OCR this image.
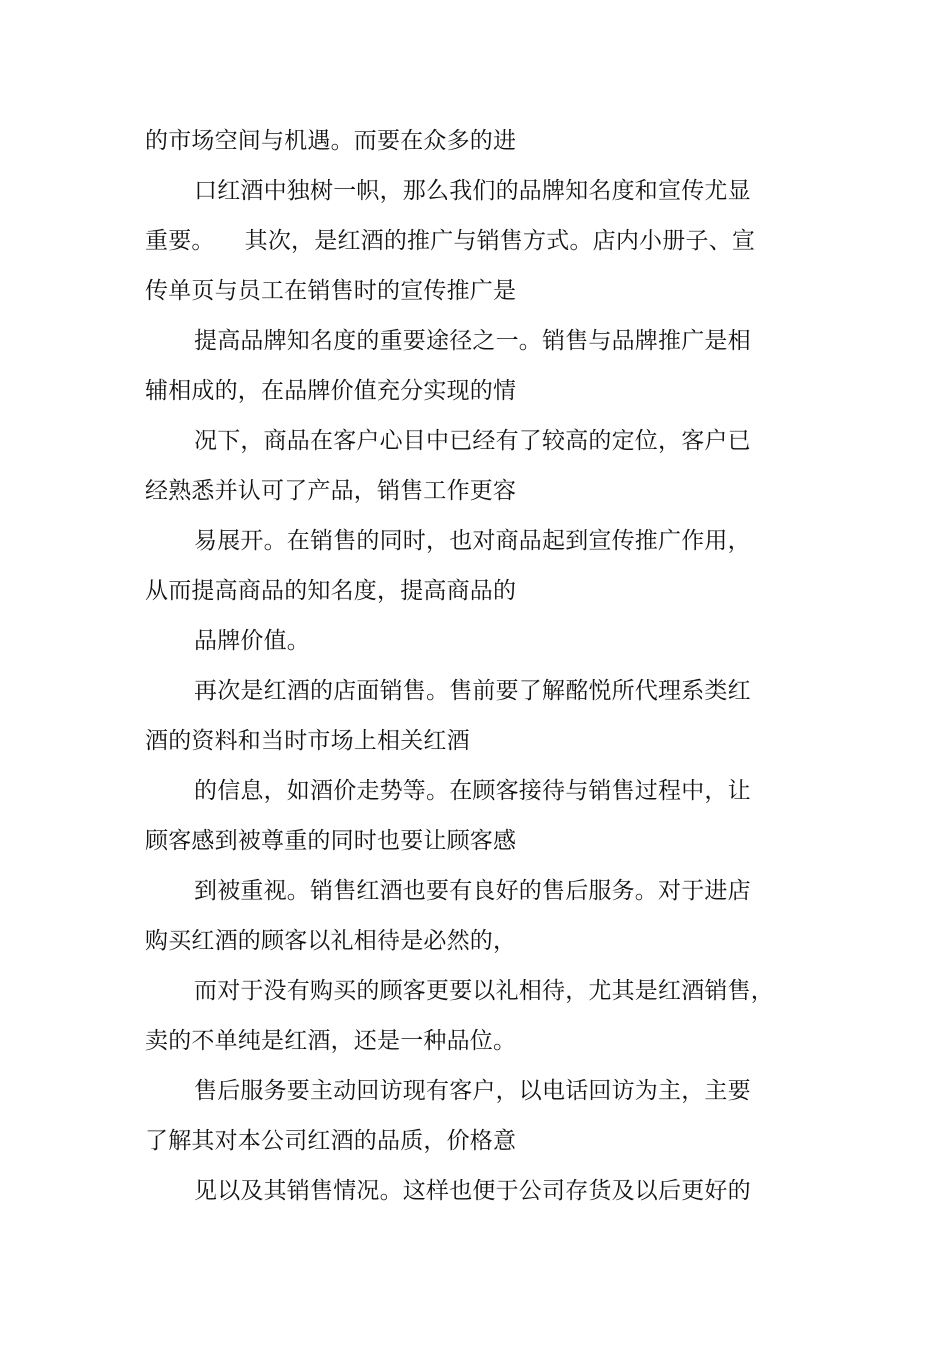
的市场空间与机遇。而要在众多的进
口红酒中独树一帜，那么我们的品牌知名度和宣传尤显
重要。    其次，是红酒的推广与销售方式。店内小册子、宣
传单页与员工在销售时的宣传推广是
提高品牌知名度的重要途径之一。销售与品牌推广是相
辅相成的，在品牌价值充分实现的情
况下，商品在客户心目中已经有了较高的定位，客户已
经熟悉并认可了产品，销售工作更容
易展开。在销售的同时，也对商品起到宣传推广作用，
从而提高商品的知名度，提高商品的
品牌价值。
再次是红酒的店面销售。售前要了解酩悦所代理系类红
酒的资料和当时市场上相关红酒
的信息，如酒价走势等。在顾客接待与销售过程中，让
顾客感到被尊重的同时也要让顾客感
到被重视。销售红酒也要有良好的售后服务。对于进店
购买红酒的顾客以礼相待是必然的，
而对于没有购买的顾客更要以礼相待，尤其是红酒销售，
卖的不单纯是红酒，还是一种品位。
售后服务要主动回访现有客户，以电话回访为主，主要
了解其对本公司红酒的品质，价格意
见以及其销售情况。这样也便于公司存货及以后更好的
